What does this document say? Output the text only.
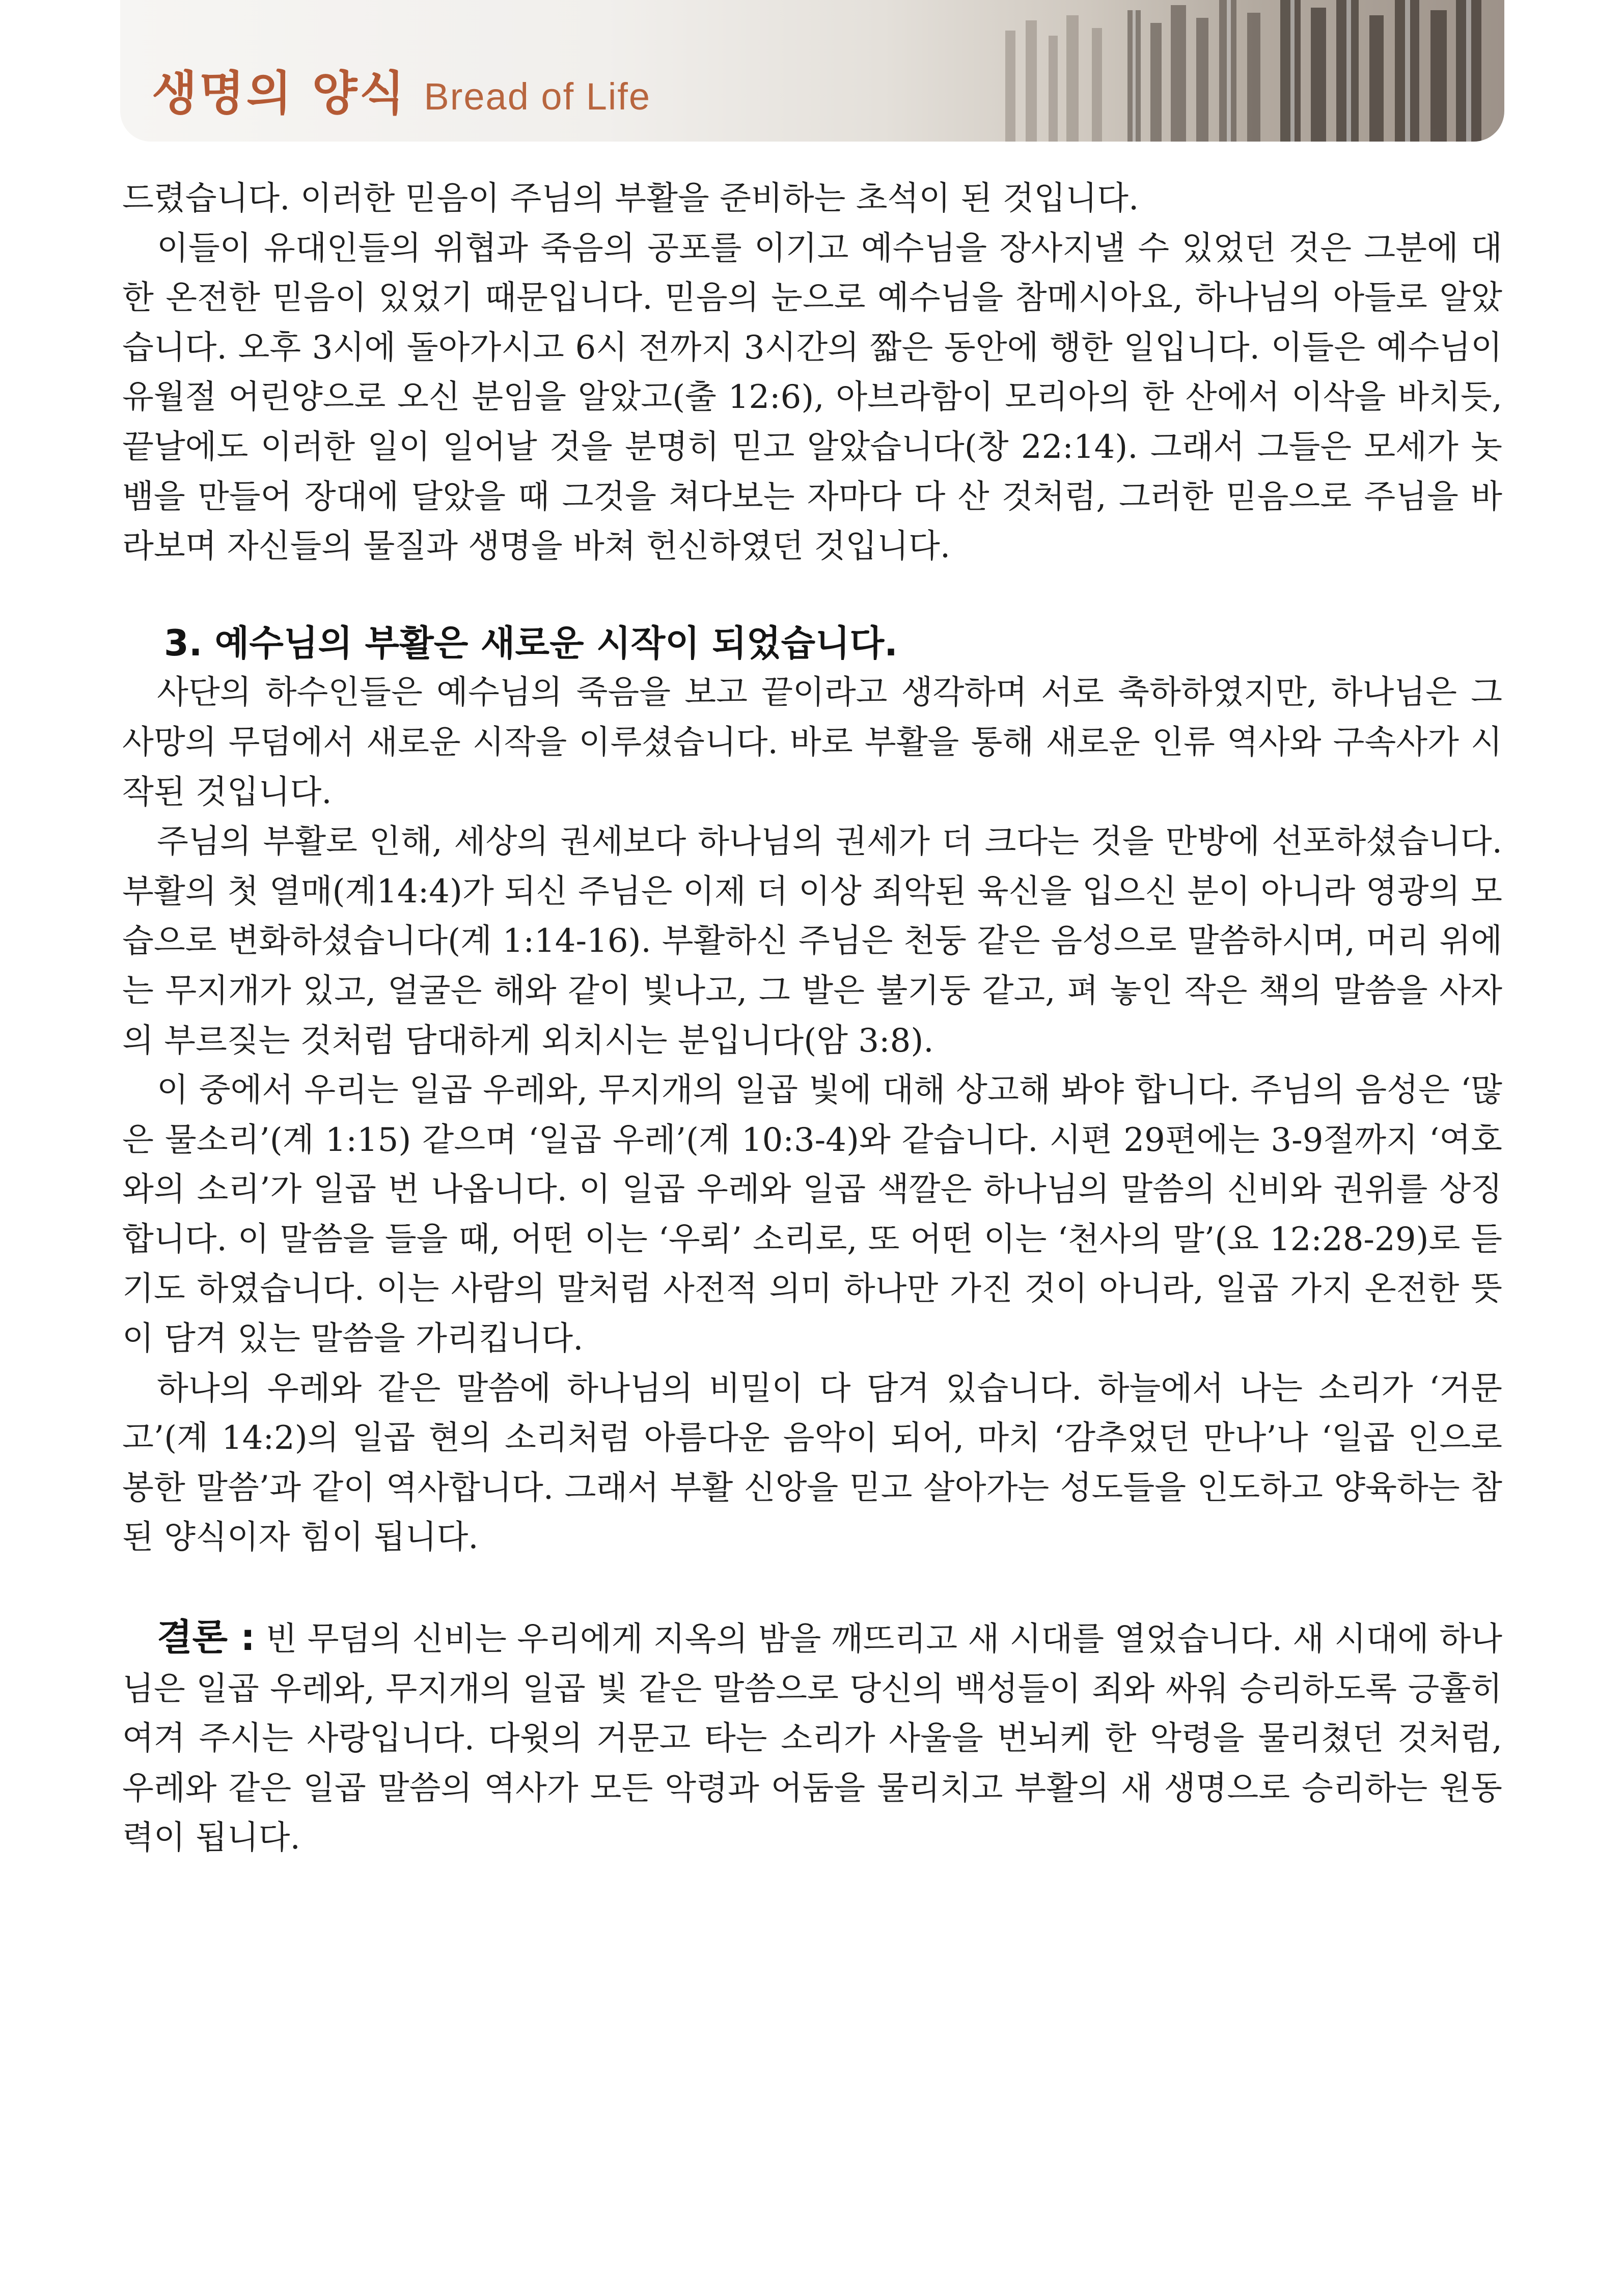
생명의 양식 Bread of Life

드렸습니다. 이러한 믿음이 주님의 부활을 준비하는 초석이 된 것입니다.

이들이 유대인들의 위협과 죽음의 공포를 이기고 예수님을 장사지낼 수 있었던 것은 그분에 대한 온전한 믿음이 있었기 때문입니다. 믿음의 눈으로 예수님을 참메시아요, 하나님의 아들로 알았습니다. 오후 3시에 돌아가시고 6시 전까지 3시간의 짧은 동안에 행한 일입니다. 이들은 예수님이 유월절 어린양으로 오신 분임을 알았고(출 12:6), 아브라함이 모리아의 한 산에서 이삭을 바치듯, 끝날에도 이러한 일이 일어날 것을 분명히 믿고 알았습니다(창 22:14). 그래서 그들은 모세가 놋뱀을 만들어 장대에 달았을 때 그것을 쳐다보는 자마다 다 산 것처럼, 그러한 믿음으로 주님을 바라보며 자신들의 물질과 생명을 바쳐 헌신하였던 것입니다.

3. 예수님의 부활은 새로운 시작이 되었습니다.

사단의 하수인들은 예수님의 죽음을 보고 끝이라고 생각하며 서로 축하하였지만, 하나님은 그 사망의 무덤에서 새로운 시작을 이루셨습니다. 바로 부활을 통해 새로운 인류 역사와 구속사가 시작된 것입니다.

주님의 부활로 인해, 세상의 권세보다 하나님의 권세가 더 크다는 것을 만방에 선포하셨습니다. 부활의 첫 열매(계14:4)가 되신 주님은 이제 더 이상 죄악된 육신을 입으신 분이 아니라 영광의 모습으로 변화하셨습니다(계 1:14-16). 부활하신 주님은 천둥 같은 음성으로 말씀하시며, 머리 위에는 무지개가 있고, 얼굴은 해와 같이 빛나고, 그 발은 불기둥 같고, 펴 놓인 작은 책의 말씀을 사자의 부르짖는 것처럼 담대하게 외치시는 분입니다(암 3:8).

이 중에서 우리는 일곱 우레와, 무지개의 일곱 빛에 대해 상고해 봐야 합니다. 주님의 음성은 ‘많은 물소리’(계 1:15) 같으며 ‘일곱 우레’(계 10:3-4)와 같습니다. 시편 29편에는 3-9절까지 ‘여호와의 소리’가 일곱 번 나옵니다. 이 일곱 우레와 일곱 색깔은 하나님의 말씀의 신비와 권위를 상징합니다. 이 말씀을 들을 때, 어떤 이는 ‘우뢰’ 소리로, 또 어떤 이는 ‘천사의 말’(요 12:28-29)로 듣기도 하였습니다. 이는 사람의 말처럼 사전적 의미 하나만 가진 것이 아니라, 일곱 가지 온전한 뜻이 담겨 있는 말씀을 가리킵니다.

하나의 우레와 같은 말씀에 하나님의 비밀이 다 담겨 있습니다. 하늘에서 나는 소리가 ‘거문고’(계 14:2)의 일곱 현의 소리처럼 아름다운 음악이 되어, 마치 ‘감추었던 만나’나 ‘일곱 인으로 봉한 말씀’과 같이 역사합니다. 그래서 부활 신앙을 믿고 살아가는 성도들을 인도하고 양육하는 참된 양식이자 힘이 됩니다.

결론 : 빈 무덤의 신비는 우리에게 지옥의 밤을 깨뜨리고 새 시대를 열었습니다. 새 시대에 하나님은 일곱 우레와, 무지개의 일곱 빛 같은 말씀으로 당신의 백성들이 죄와 싸워 승리하도록 긍휼히 여겨 주시는 사랑입니다. 다윗의 거문고 타는 소리가 사울을 번뇌케 한 악령을 물리쳤던 것처럼, 우레와 같은 일곱 말씀의 역사가 모든 악령과 어둠을 물리치고 부활의 새 생명으로 승리하는 원동력이 됩니다.
